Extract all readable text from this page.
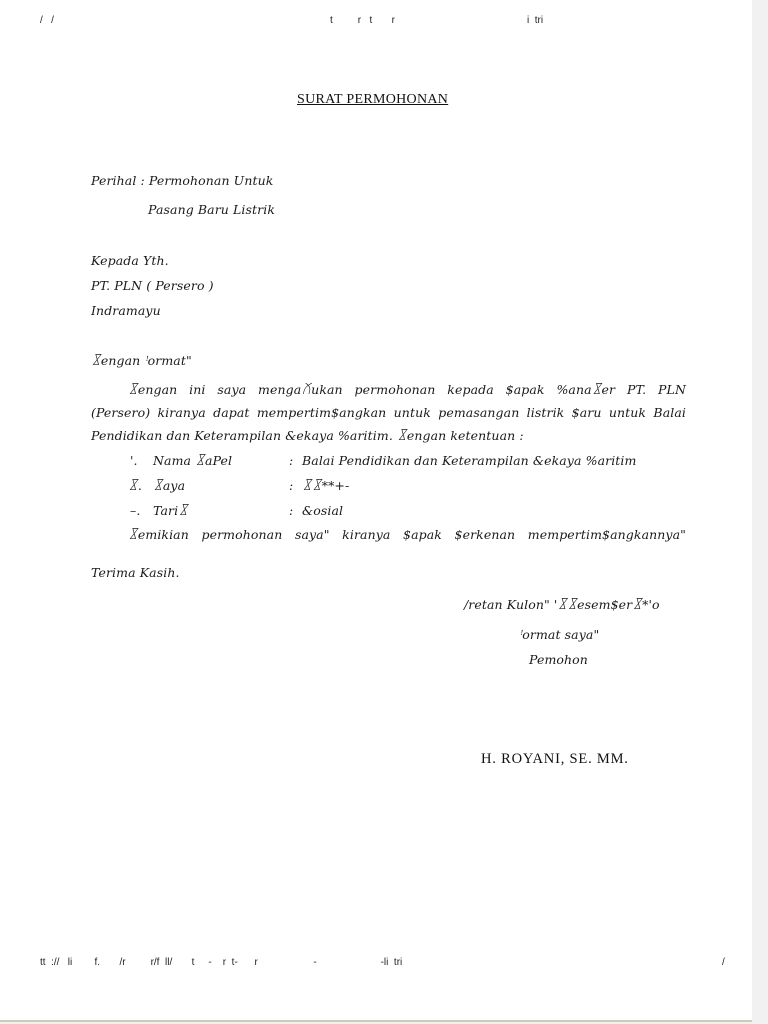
/   /	t         r   t       r	i  tri
SURAT PERMOHONAN
Perihal : Permohonan Untuk
Pasang Baru Listrik
Kepada Yth.
PT. PLN ( Persero )
Indramayu
꒾engan ꜝormat"
꒾engan ini saya menga꒽ukan permohonan kepada $apak %ana꒾er PT. PLN
(Persero) kiranya dapat mempertim$angkan untuk pemasangan listrik $aru untuk Balai
Pendidikan dan Keterampilan &ekaya %aritim. ꒾engan ketentuan :
'. Nama ꒾aPel	: Balai Pendidikan dan Keterampilan &ekaya %aritim
꒾. ꒾aya	: ꒾꒾**+-
–. Tari꒾	: &osial
꒾emikian permohonan saya" kiranya $apak $erkenan mempertim$angkannya"
Terima Kasih.
/retan Kulon" '꒾꒾esem$er꒾*'o
ꜝormat saya"
Pemohon
H. ROYANI, SE. MM.
tt  ://   li        f.       /r         r/f  ll/       t     -    r  t-      r                    -                       -li  tri	/
